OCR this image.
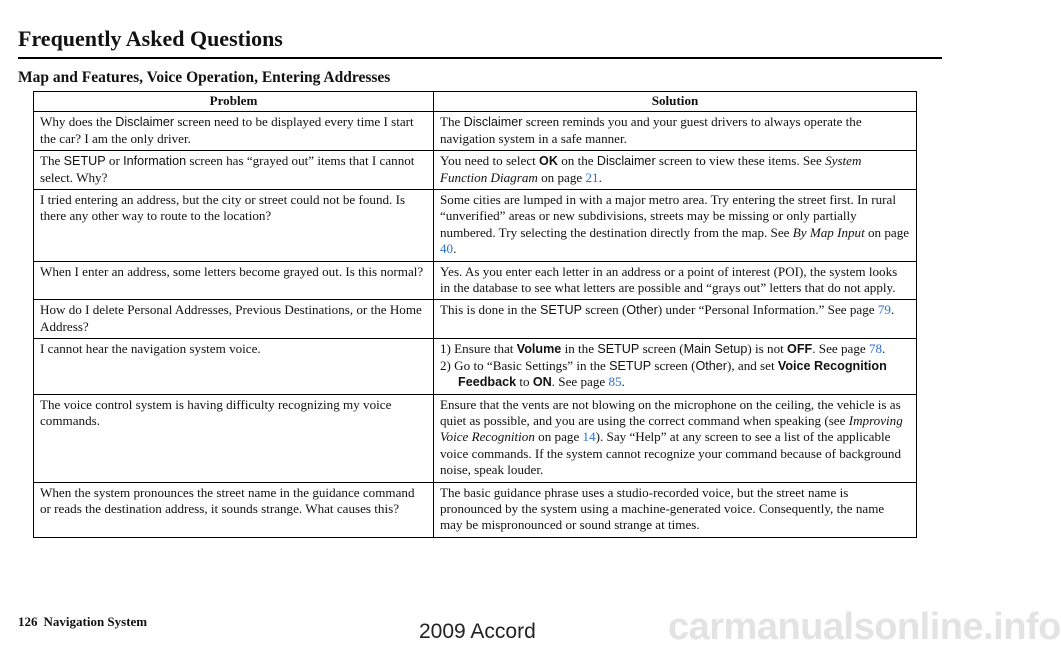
Frequently Asked Questions
Map and Features, Voice Operation, Entering Addresses
Problem	Solution
Why does the Disclaimer screen need to be displayed every time I start the car? I am the only driver.	The Disclaimer screen reminds you and your guest drivers to always operate the navigation system in a safe manner.
The SETUP or Information screen has “grayed out” items that I cannot select. Why?	You need to select OK on the Disclaimer screen to view these items. See System Function Diagram on page 21.
I tried entering an address, but the city or street could not be found. Is there any other way to route to the location?	Some cities are lumped in with a major metro area. Try entering the street first. In rural “unverified” areas or new subdivisions, streets may be missing or only partially numbered. Try selecting the destination directly from the map. See By Map Input on page 40.
When I enter an address, some letters become grayed out. Is this normal?	Yes. As you enter each letter in an address or a point of interest (POI), the system looks in the database to see what letters are possible and “grays out” letters that do not apply.
How do I delete Personal Addresses, Previous Destinations, or the Home Address?	This is done in the SETUP screen (Other) under “Personal Information.” See page 79.
I cannot hear the navigation system voice.	1) Ensure that Volume in the SETUP screen (Main Setup) is not OFF. See page 78.
2) Go to “Basic Settings” in the SETUP screen (Other), and set Voice Recognition Feedback to ON. See page 85.

The voice control system is having difficulty recognizing my voice commands.	Ensure that the vents are not blowing on the microphone on the ceiling, the vehicle is as quiet as possible, and you are using the correct command when speaking (see Improving Voice Recognition on page 14). Say “Help” at any screen to see a list of the applicable voice commands. If the system cannot recognize your command because of background noise, speak louder.
When the system pronounces the street name in the guidance command or reads the destination address, it sounds strange. What causes this?	The basic guidance phrase uses a studio-recorded voice, but the street name is pronounced by the system using a machine-generated voice. Consequently, the name may be mispronounced or sound strange at times.
126 Navigation System	2009 Accord	carmanualsonline.info
